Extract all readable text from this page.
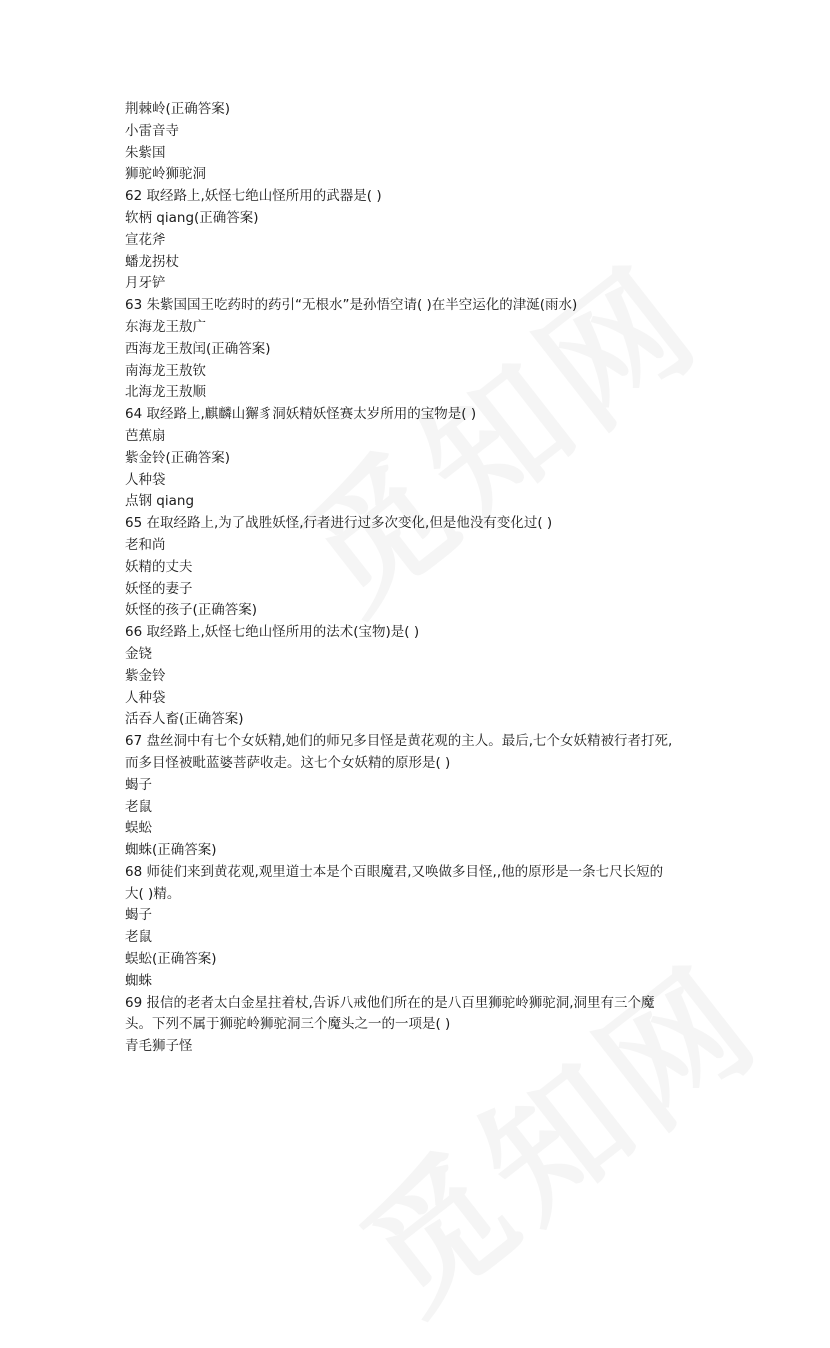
荆棘岭(正确答案)
小雷音寺
朱紫国
狮驼岭狮驼洞
62 取经路上,妖怪七绝山怪所用的武器是( )
软柄 qiang(正确答案)
宣花斧
蟠龙拐杖
月牙铲
63 朱紫国国王吃药时的药引“无根水”是孙悟空请( )在半空运化的津涎(雨水)
东海龙王敖广
西海龙王敖闰(正确答案)
南海龙王敖钦
北海龙王敖顺
64 取经路上,麒麟山獬豸洞妖精妖怪赛太岁所用的宝物是( )
芭蕉扇
紫金铃(正确答案)
人种袋
点钢 qiang
65 在取经路上,为了战胜妖怪,行者进行过多次变化,但是他没有变化过( )
老和尚
妖精的丈夫
妖怪的妻子
妖怪的孩子(正确答案)
66 取经路上,妖怪七绝山怪所用的法术(宝物)是( )
金铙
紫金铃
人种袋
活吞人畜(正确答案)
67 盘丝洞中有七个女妖精,她们的师兄多目怪是黄花观的主人。最后,七个女妖精被行者打死,
而多目怪被毗蓝婆菩萨收走。这七个女妖精的原形是( )
蝎子
老鼠
蜈蚣
蜘蛛(正确答案)
68 师徒们来到黄花观,观里道士本是个百眼魔君,又唤做多目怪,,他的原形是一条七尺长短的
大( )精。
蝎子
老鼠
蜈蚣(正确答案)
蜘蛛
69 报信的老者太白金星拄着杖,告诉八戒他们所在的是八百里狮驼岭狮驼洞,洞里有三个魔
头。下列不属于狮驼岭狮驼洞三个魔头之一的一项是( )
青毛狮子怪
